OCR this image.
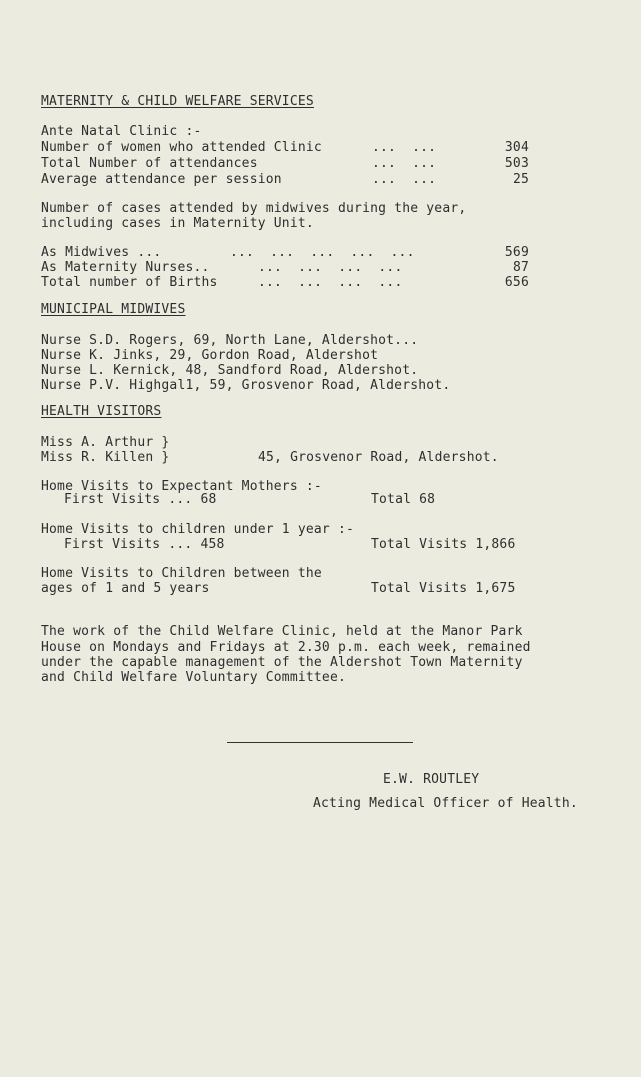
MATERNITY & CHILD WELFARE SERVICES
Ante Natal Clinic :-
Number of women who attended Clinic	...  ...	304
Total Number of attendances	...  ...	503
Average attendance per session	...  ...	25
Number of cases attended by midwives during the year,
including cases in Maternity Unit.
As Midwives ...	...  ...  ...  ...  ...	569
As Maternity Nurses..	...  ...  ...  ...	87
Total number of Births	...  ...  ...  ...	656
MUNICIPAL MIDWIVES
Nurse S.D. Rogers, 69, North Lane, Aldershot...
Nurse K. Jinks, 29, Gordon Road, Aldershot
Nurse L. Kernick, 48, Sandford Road, Aldershot.
Nurse P.V. Highgal1, 59, Grosvenor Road, Aldershot.
HEALTH VISITORS
Miss A. Arthur }
Miss R. Killen }	45, Grosvenor Road, Aldershot.
Home Visits to Expectant Mothers :-
First Visits ... 68	Total 68
Home Visits to children under 1 year :-
First Visits ... 458	Total Visits 1,866
Home Visits to Children between the
ages of 1 and 5 years	Total Visits 1,675
The work of the Child Welfare Clinic, held at the Manor Park
House on Mondays and Fridays at 2.30 p.m. each week, remained
under the capable management of the Aldershot Town Maternity
and Child Welfare Voluntary Committee.
E.W. ROUTLEY
Acting Medical Officer of Health.
